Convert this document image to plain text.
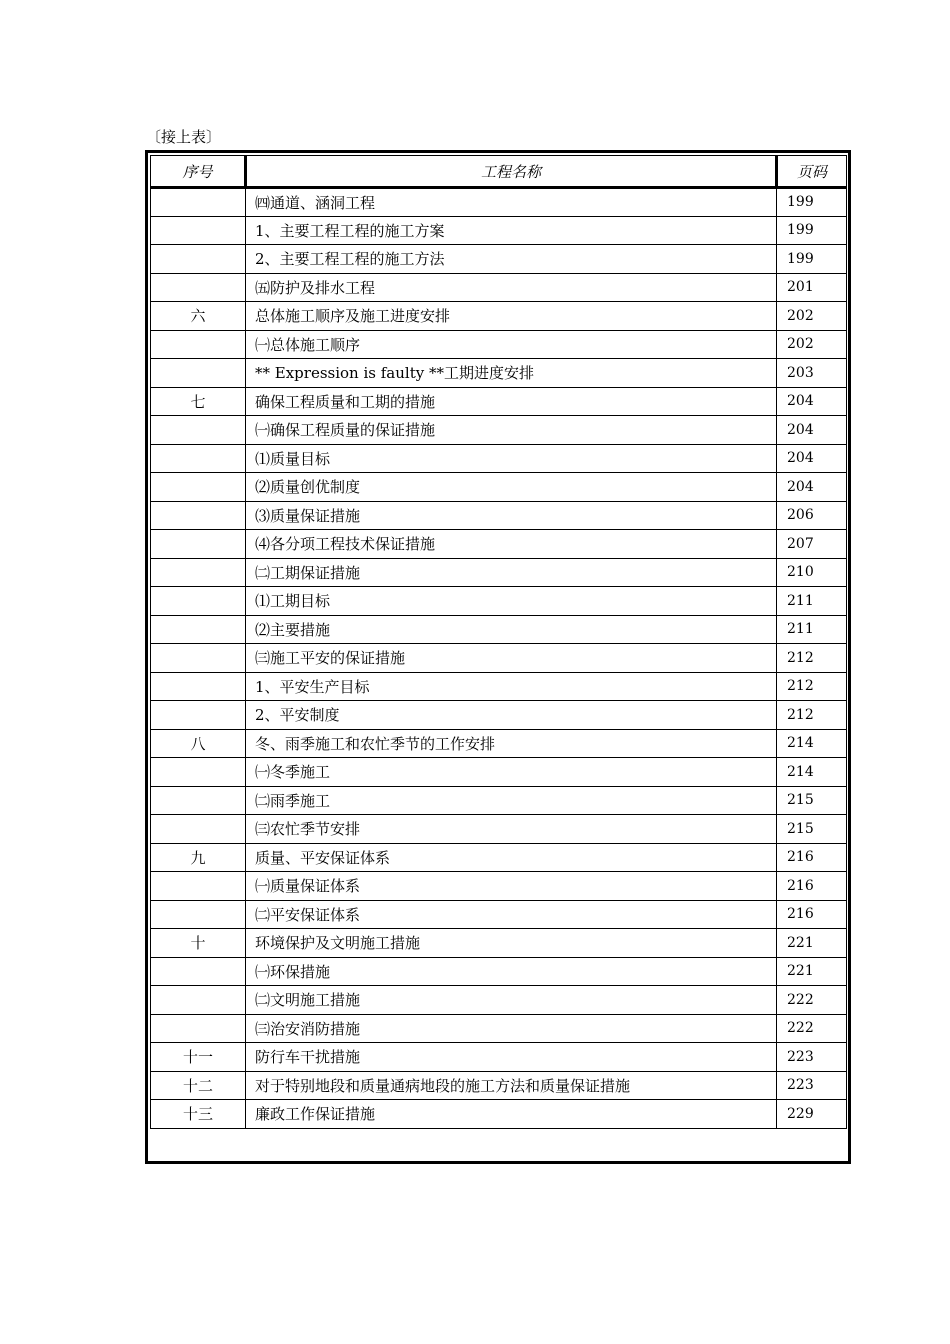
〔接上表〕
序号	工程名称	页码
	㈣通道、涵洞工程	199
	1、主要工程工程的施工方案	199
	2、主要工程工程的施工方法	199
	㈤防护及排水工程	201
六	总体施工顺序及施工进度安排	202
	㈠总体施工顺序	202
	** Expression is faulty **工期进度安排	203
七	确保工程质量和工期的措施	204
	㈠确保工程质量的保证措施	204
	⑴质量目标	204
	⑵质量创优制度	204
	⑶质量保证措施	206
	⑷各分项工程技术保证措施	207
	㈡工期保证措施	210
	⑴工期目标	211
	⑵主要措施	211
	㈢施工平安的保证措施	212
	1、平安生产目标	212
	2、平安制度	212
八	冬、雨季施工和农忙季节的工作安排	214
	㈠冬季施工	214
	㈡雨季施工	215
	㈢农忙季节安排	215
九	质量、平安保证体系	216
	㈠质量保证体系	216
	㈡平安保证体系	216
十	环境保护及文明施工措施	221
	㈠环保措施	221
	㈡文明施工措施	222
	㈢治安消防措施	222
十一	防行车干扰措施	223
十二	对于特别地段和质量通病地段的施工方法和质量保证措施	223
十三	廉政工作保证措施	229
